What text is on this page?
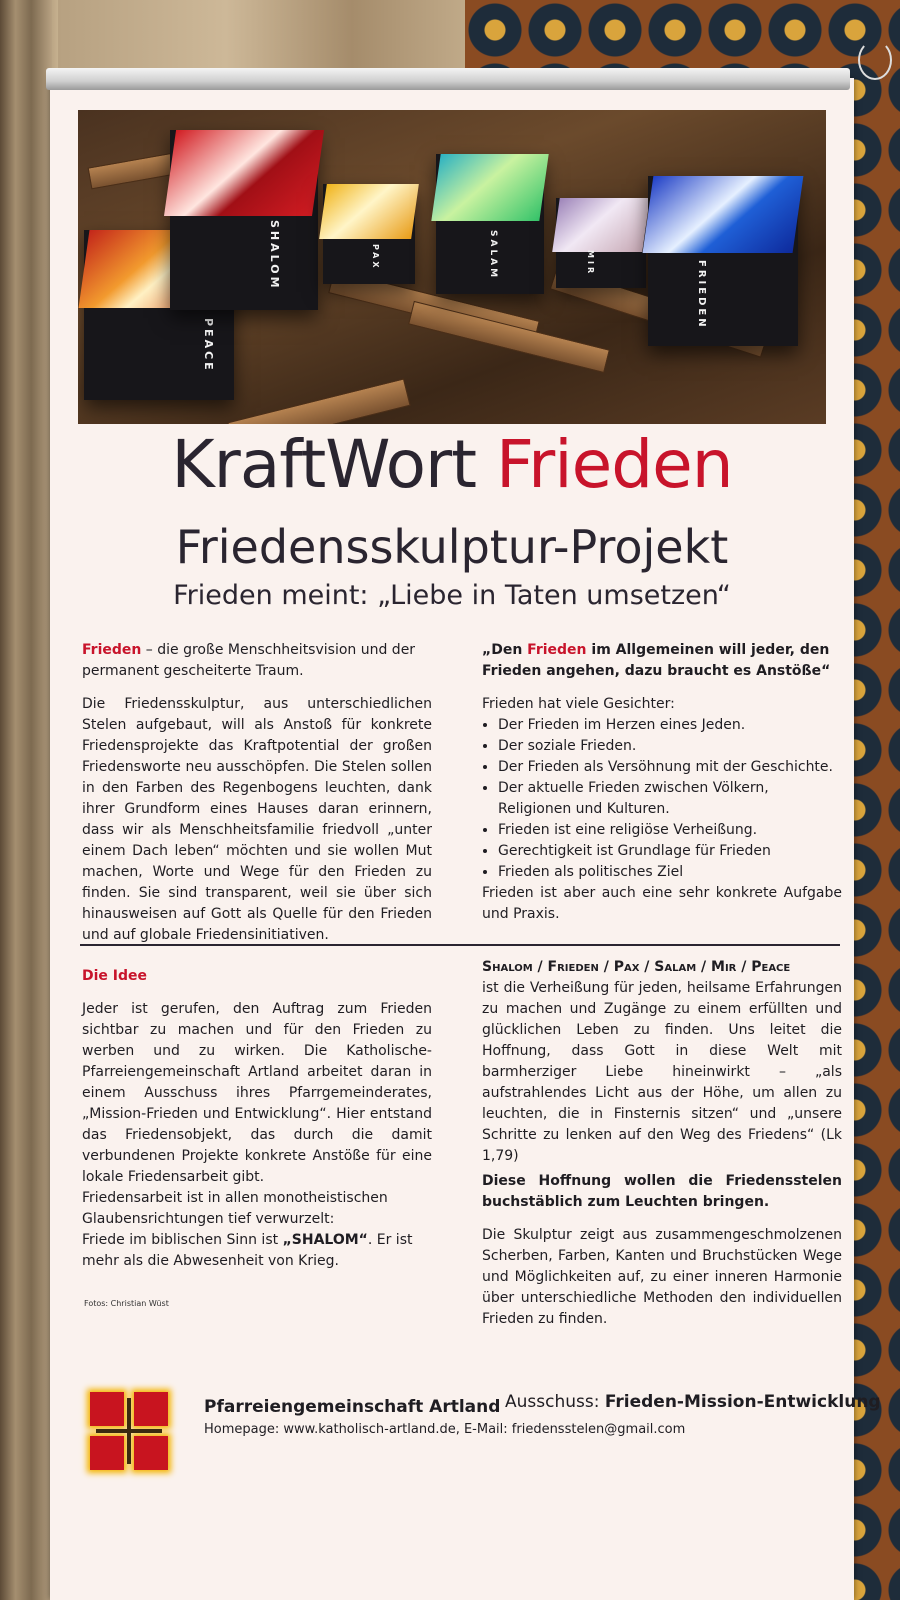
PEACE
SHALOM	PAX	SALAM	MIR	FRIEDEN
KraftWort Frieden
Friedensskulptur-Projekt
Frieden meint: „Liebe in Taten umsetzen“

Frieden – die große Menschheitsvision und der permanent gescheiterte Traum.

Die Friedensskulptur, aus unterschiedlichen Stelen aufgebaut, will als Anstoß für konkrete Friedensprojekte das Kraftpotential der großen Friedensworte neu ausschöpfen. Die Stelen sollen in den Farben des Regenbogens leuchten, dank ihrer Grundform eines Hauses daran erinnern, dass wir als Menschheitsfamilie friedvoll „unter einem Dach leben“ möchten und sie wollen Mut machen, Worte und Wege für den Frieden zu finden. Sie sind transparent, weil sie über sich hinausweisen auf Gott als Quelle für den Frieden und auf globale Friedensinitiativen.

„Den Frieden im Allgemeinen will jeder, den Frieden angehen, dazu braucht es Anstöße“

Frieden hat viele Gesichter:
• Der Frieden im Herzen eines Jeden.
• Der soziale Frieden.
• Der Frieden als Versöhnung mit der Geschichte.
• Der aktuelle Frieden zwischen Völkern, Religionen und Kulturen.
• Frieden ist eine religiöse Verheißung.
• Gerechtigkeit ist Grundlage für Frieden
• Frieden als politisches Ziel

Frieden ist aber auch eine sehr konkrete Aufgabe und Praxis.

Die Idee

Jeder ist gerufen, den Auftrag zum Frieden sichtbar zu machen und für den Frieden zu werben und zu wirken. Die Katholische-Pfarreiengemeinschaft Artland arbeitet daran in einem Ausschuss ihres Pfarrgemeinderates, „Mission-Frieden und Entwicklung“. Hier entstand das Friedensobjekt, das durch die damit verbundenen Projekte konkrete Anstöße für eine lokale Friedensarbeit gibt.

Friedensarbeit ist in allen monotheistischen Glaubensrichtungen tief verwurzelt:

Friede im biblischen Sinn ist „SHALOM“. Er ist mehr als die Abwesenheit von Krieg.

Fotos: Christian Wüst
Shalom / Frieden / Pax / Salam / Mir / Peace

ist die Verheißung für jeden, heilsame Erfahrungen zu machen und Zugänge zu einem erfüllten und glücklichen Leben zu finden. Uns leitet die Hoffnung, dass Gott in diese Welt mit barmherziger Liebe hineinwirkt – „als aufstrahlendes Licht aus der Höhe, um allen zu leuchten, die in Finsternis sitzen“ und „unsere Schritte zu lenken auf den Weg des Friedens“ (Lk 1,79)

Diese Hoffnung wollen die Friedensstelen buchstäblich zum Leuchten bringen.

Die Skulptur zeigt aus zusammengeschmolzenen Scherben, Farben, Kanten und Bruchstücken Wege und Möglichkeiten auf, zu einer inneren Harmonie über unterschiedliche Methoden den individuellen Frieden zu finden.

Pfarreiengemeinschaft Artland Ausschuss: Frieden-Mission-Entwicklung
Homepage: www.katholisch-artland.de, E-Mail: friedensstelen@gmail.com
